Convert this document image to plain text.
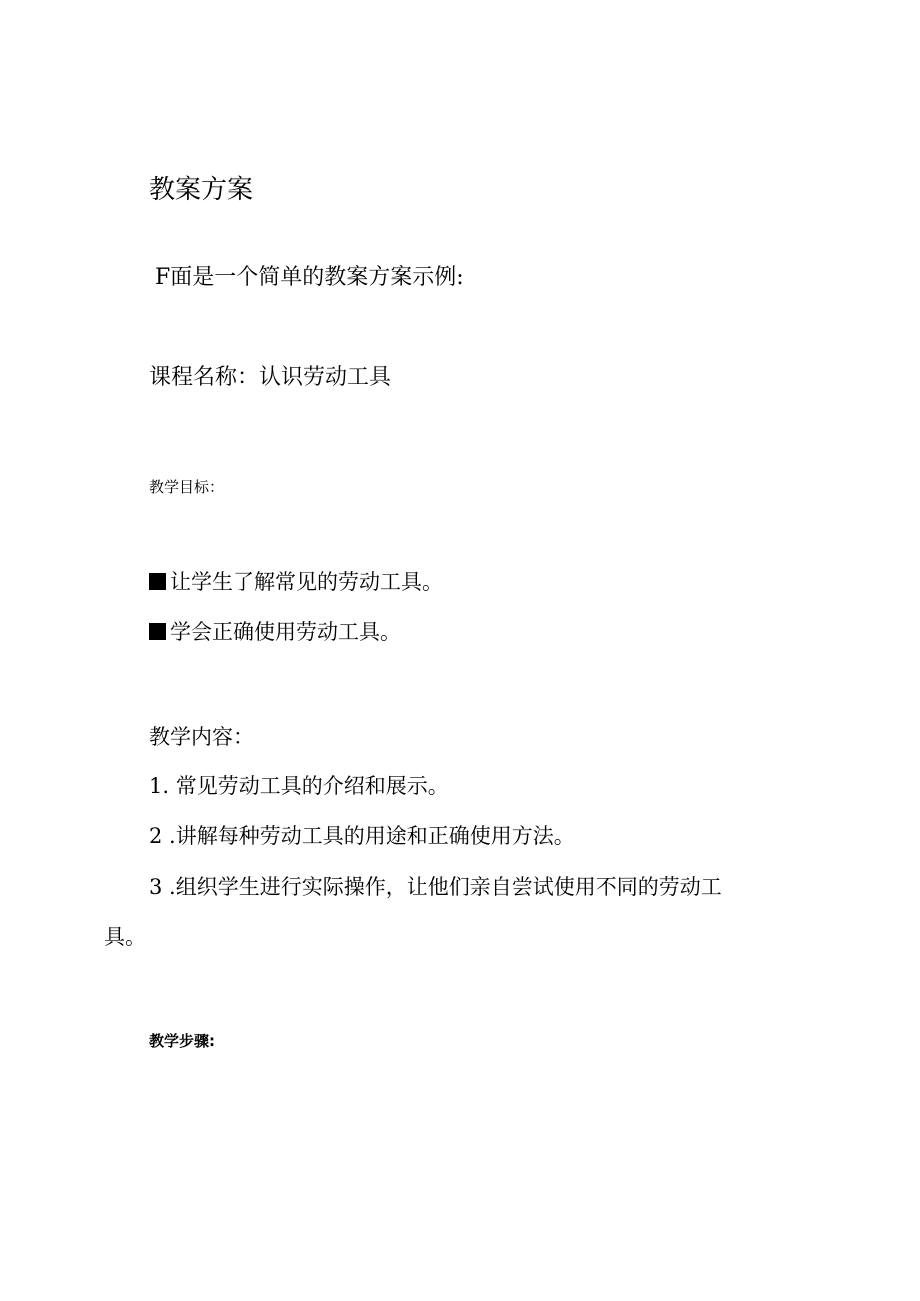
教案方案
F面是一个简单的教案方案示例:
课程名称：认识劳动工具
教学目标：
让学生了解常见的劳动工具。
学会正确使用劳动工具。
教学内容：
1. 常见劳动工具的介绍和展示。
2 .讲解每种劳动工具的用途和正确使用方法。
3 .组织学生进行实际操作，让他们亲自尝试使用不同的劳动工
具。
教学步骤:
